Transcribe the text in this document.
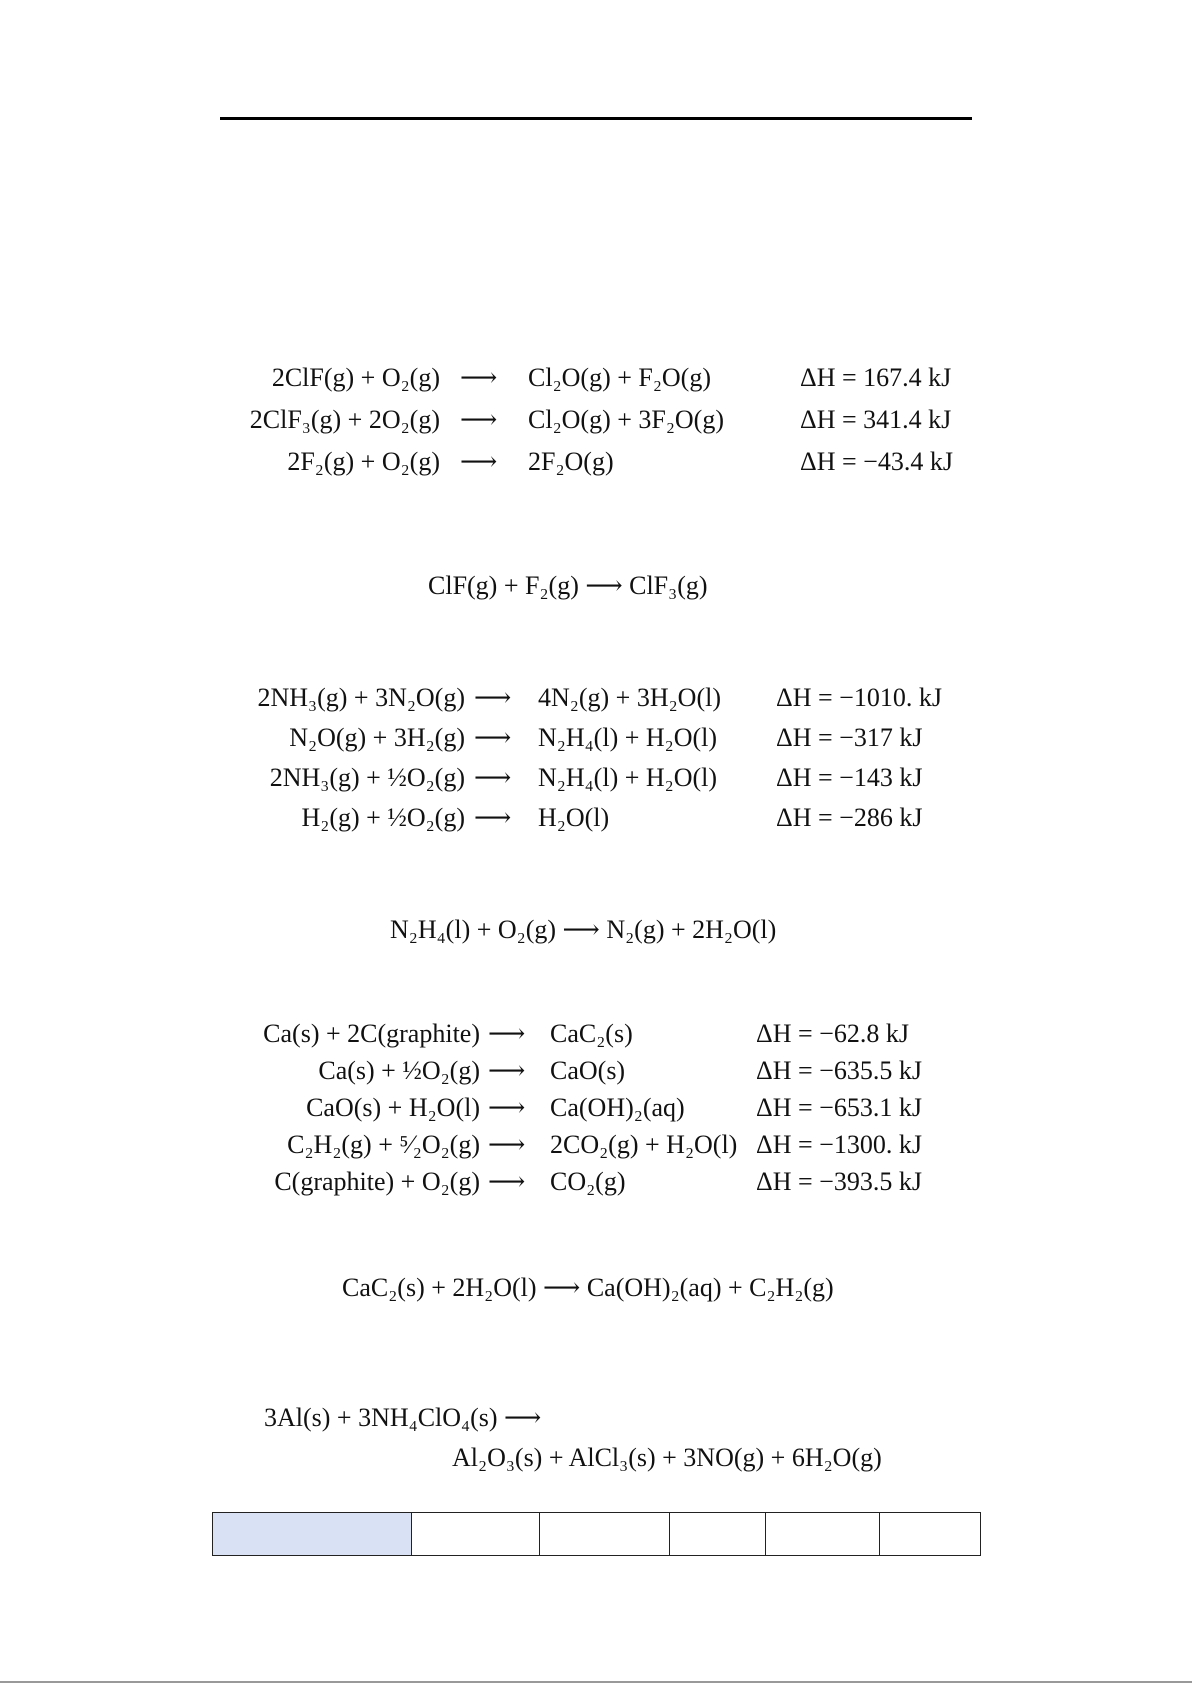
2ClF(g) + O₂(g) ⟶ Cl₂O(g) + F₂O(g)	ΔH = 167.4 kJ
2ClF₃(g) + 2O₂(g) ⟶ Cl₂O(g) + 3F₂O(g)	ΔH = 341.4 kJ
2F₂(g) + O₂(g) ⟶ 2F₂O(g)	ΔH = −43.4 kJ
ClF(g) + F₂(g) ⟶ ClF₃(g)
2NH₃(g) + 3N₂O(g) ⟶ 4N₂(g) + 3H₂O(l) ΔH = −1010. kJ
N₂O(g) + 3H₂(g) ⟶ N₂H₄(l) + H₂O(l) ΔH = −317 kJ
2NH₃(g) + ½O₂(g) ⟶ N₂H₄(l) + H₂O(l) ΔH = −143 kJ
H₂(g) + ½O₂(g) ⟶ H₂O(l)	ΔH = −286 kJ
N₂H₄(l) + O₂(g) ⟶ N₂(g) + 2H₂O(l)
Ca(s) + 2C(graphite) ⟶ CaC₂(s)	ΔH = −62.8 kJ
Ca(s) + ½O₂(g) ⟶ CaO(s)	ΔH = −635.5 kJ
CaO(s) + H₂O(l) ⟶ Ca(OH)₂(aq)	ΔH = −653.1 kJ
C₂H₂(g) + ⁵⁄₂O₂(g) ⟶ 2CO₂(g) + H₂O(l) ΔH = −1300. kJ
C(graphite) + O₂(g) ⟶ CO₂(g)	ΔH = −393.5 kJ
CaC₂(s) + 2H₂O(l) ⟶ Ca(OH)₂(aq) + C₂H₂(g)
3Al(s) + 3NH₄ClO₄(s) ⟶
Al₂O₃(s) + AlCl₃(s) + 3NO(g) + 6H₂O(g)
